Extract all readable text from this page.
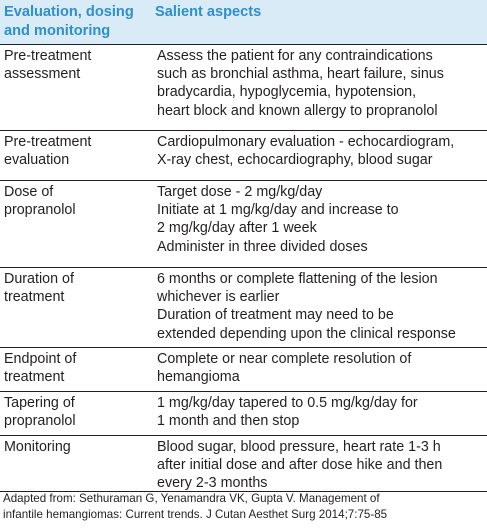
Evaluation, dosing and monitoring
Salient aspects
Pre-treatment
assessment
Assess the patient for any contraindications
such as bronchial asthma, heart failure, sinus
bradycardia, hypoglycemia, hypotension,
heart block and known allergy to propranolol
Pre-treatment
evaluation
Cardiopulmonary evaluation - echocardiogram,
X-ray chest, echocardiography, blood sugar
Dose of
propranolol
Target dose - 2 mg/kg/day
Initiate at 1 mg/kg/day and increase to
2 mg/kg/day after 1 week
Administer in three divided doses
Duration of
treatment
6 months or complete flattening of the lesion
whichever is earlier
Duration of treatment may need to be
extended depending upon the clinical response
Endpoint of
treatment
Complete or near complete resolution of
hemangioma
Tapering of
propranolol
1 mg/kg/day tapered to 0.5 mg/kg/day for
1 month and then stop
Monitoring	Blood sugar, blood pressure, heart rate 1-3 h
after initial dose and after dose hike and then
every 2-3 months
Adapted from: Sethuraman G, Yenamandra VK, Gupta V. Management of
infantile hemangiomas: Current trends. J Cutan Aesthet Surg 2014;7:75-85
